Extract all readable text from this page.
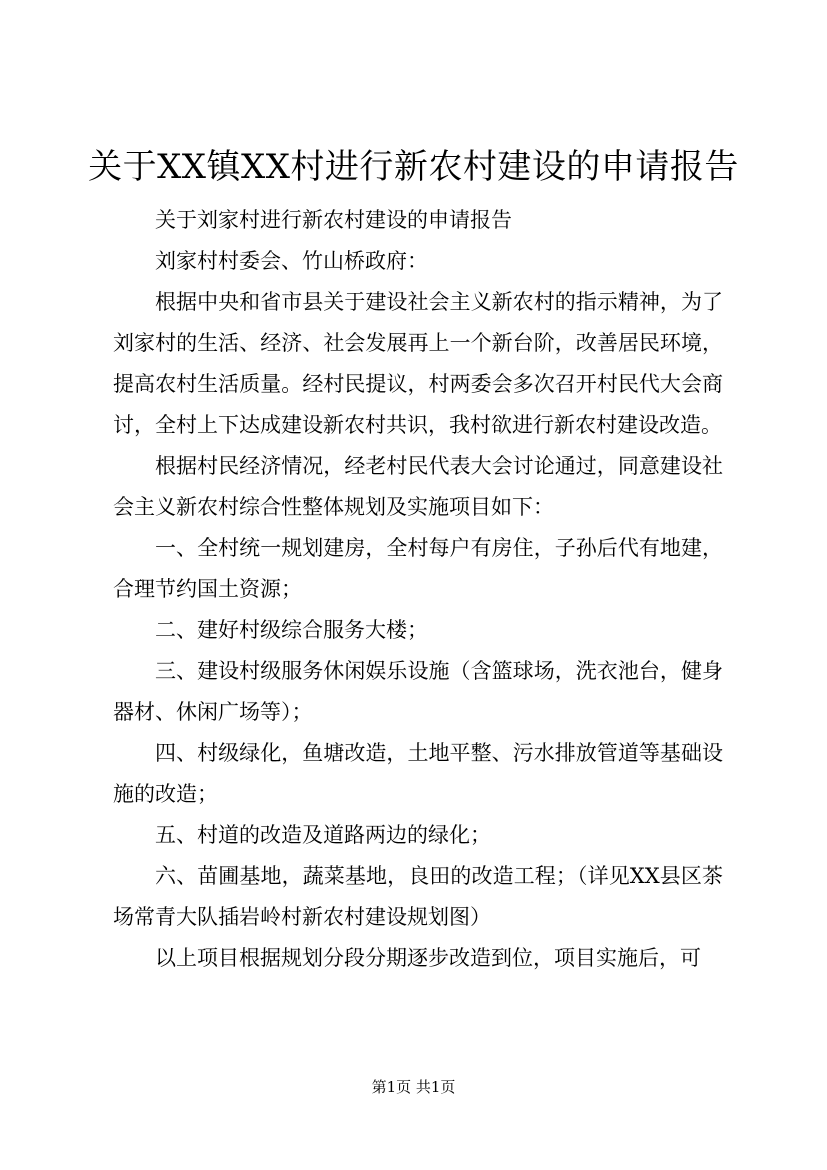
关于XX镇XX村进行新农村建设的申请报告

关于刘家村进行新农村建设的申请报告

刘家村村委会、竹山桥政府：

根据中央和省市县关于建设社会主义新农村的指示精神，为了刘家村的生活、经济、社会发展再上一个新台阶，改善居民环境，提高农村生活质量。经村民提议，村两委会多次召开村民代大会商讨，全村上下达成建设新农村共识，我村欲进行新农村建设改造。

根据村民经济情况，经老村民代表大会讨论通过，同意建设社会主义新农村综合性整体规划及实施项目如下：

一、全村统一规划建房，全村每户有房住，子孙后代有地建，合理节约国土资源；

二、建好村级综合服务大楼；

三、建设村级服务休闲娱乐设施（含篮球场，洗衣池台，健身器材、休闲广场等）；

四、村级绿化，鱼塘改造，土地平整、污水排放管道等基础设施的改造；

五、村道的改造及道路两边的绿化；

六、苗圃基地，蔬菜基地，良田的改造工程；（详见XX县区茶场常青大队插岩岭村新农村建设规划图）

以上项目根据规划分段分期逐步改造到位，项目实施后，可

第1页 共1页
